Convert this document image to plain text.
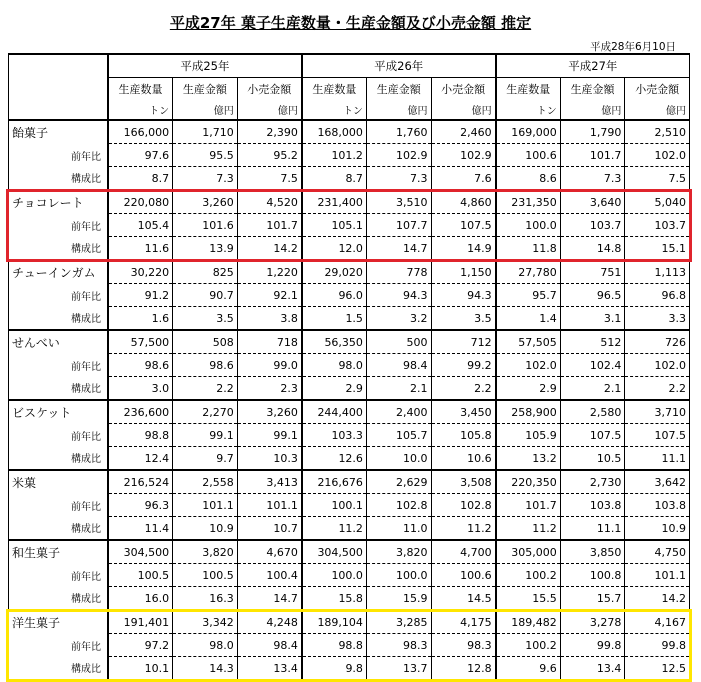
平成27年 菓子生産数量・生産金額及び小売金額 推定
平成28年6月10日
	平成25年			平成26年			平成27年		
	生産数量	生産金額	小売金額	生産数量	生産金額	小売金額	生産数量	生産金額	小売金額
	トン	億円	億円	トン	億円	億円	トン	億円	億円
飴菓子	166,000	1,710	2,390	168,000	1,760	2,460	169,000	1,790	2,510
前年比	97.6	95.5	95.2	101.2	102.9	102.9	100.6	101.7	102.0
構成比	8.7	7.3	7.5	8.7	7.3	7.6	8.6	7.3	7.5
チョコレート	220,080	3,260	4,520	231,400	3,510	4,860	231,350	3,640	5,040
前年比	105.4	101.6	101.7	105.1	107.7	107.5	100.0	103.7	103.7
構成比	11.6	13.9	14.2	12.0	14.7	14.9	11.8	14.8	15.1
チューインガム	30,220	825	1,220	29,020	778	1,150	27,780	751	1,113
前年比	91.2	90.7	92.1	96.0	94.3	94.3	95.7	96.5	96.8
構成比	1.6	3.5	3.8	1.5	3.2	3.5	1.4	3.1	3.3
せんべい	57,500	508	718	56,350	500	712	57,505	512	726
前年比	98.6	98.6	99.0	98.0	98.4	99.2	102.0	102.4	102.0
構成比	3.0	2.2	2.3	2.9	2.1	2.2	2.9	2.1	2.2
ビスケット	236,600	2,270	3,260	244,400	2,400	3,450	258,900	2,580	3,710
前年比	98.8	99.1	99.1	103.3	105.7	105.8	105.9	107.5	107.5
構成比	12.4	9.7	10.3	12.6	10.0	10.6	13.2	10.5	11.1
米菓	216,524	2,558	3,413	216,676	2,629	3,508	220,350	2,730	3,642
前年比	96.3	101.1	101.1	100.1	102.8	102.8	101.7	103.8	103.8
構成比	11.4	10.9	10.7	11.2	11.0	11.2	11.2	11.1	10.9
和生菓子	304,500	3,820	4,670	304,500	3,820	4,700	305,000	3,850	4,750
前年比	100.5	100.5	100.4	100.0	100.0	100.6	100.2	100.8	101.1
構成比	16.0	16.3	14.7	15.8	15.9	14.5	15.5	15.7	14.2
洋生菓子	191,401	3,342	4,248	189,104	3,285	4,175	189,482	3,278	4,167
前年比	97.2	98.0	98.4	98.8	98.3	98.3	100.2	99.8	99.8
構成比	10.1	14.3	13.4	9.8	13.7	12.8	9.6	13.4	12.5
